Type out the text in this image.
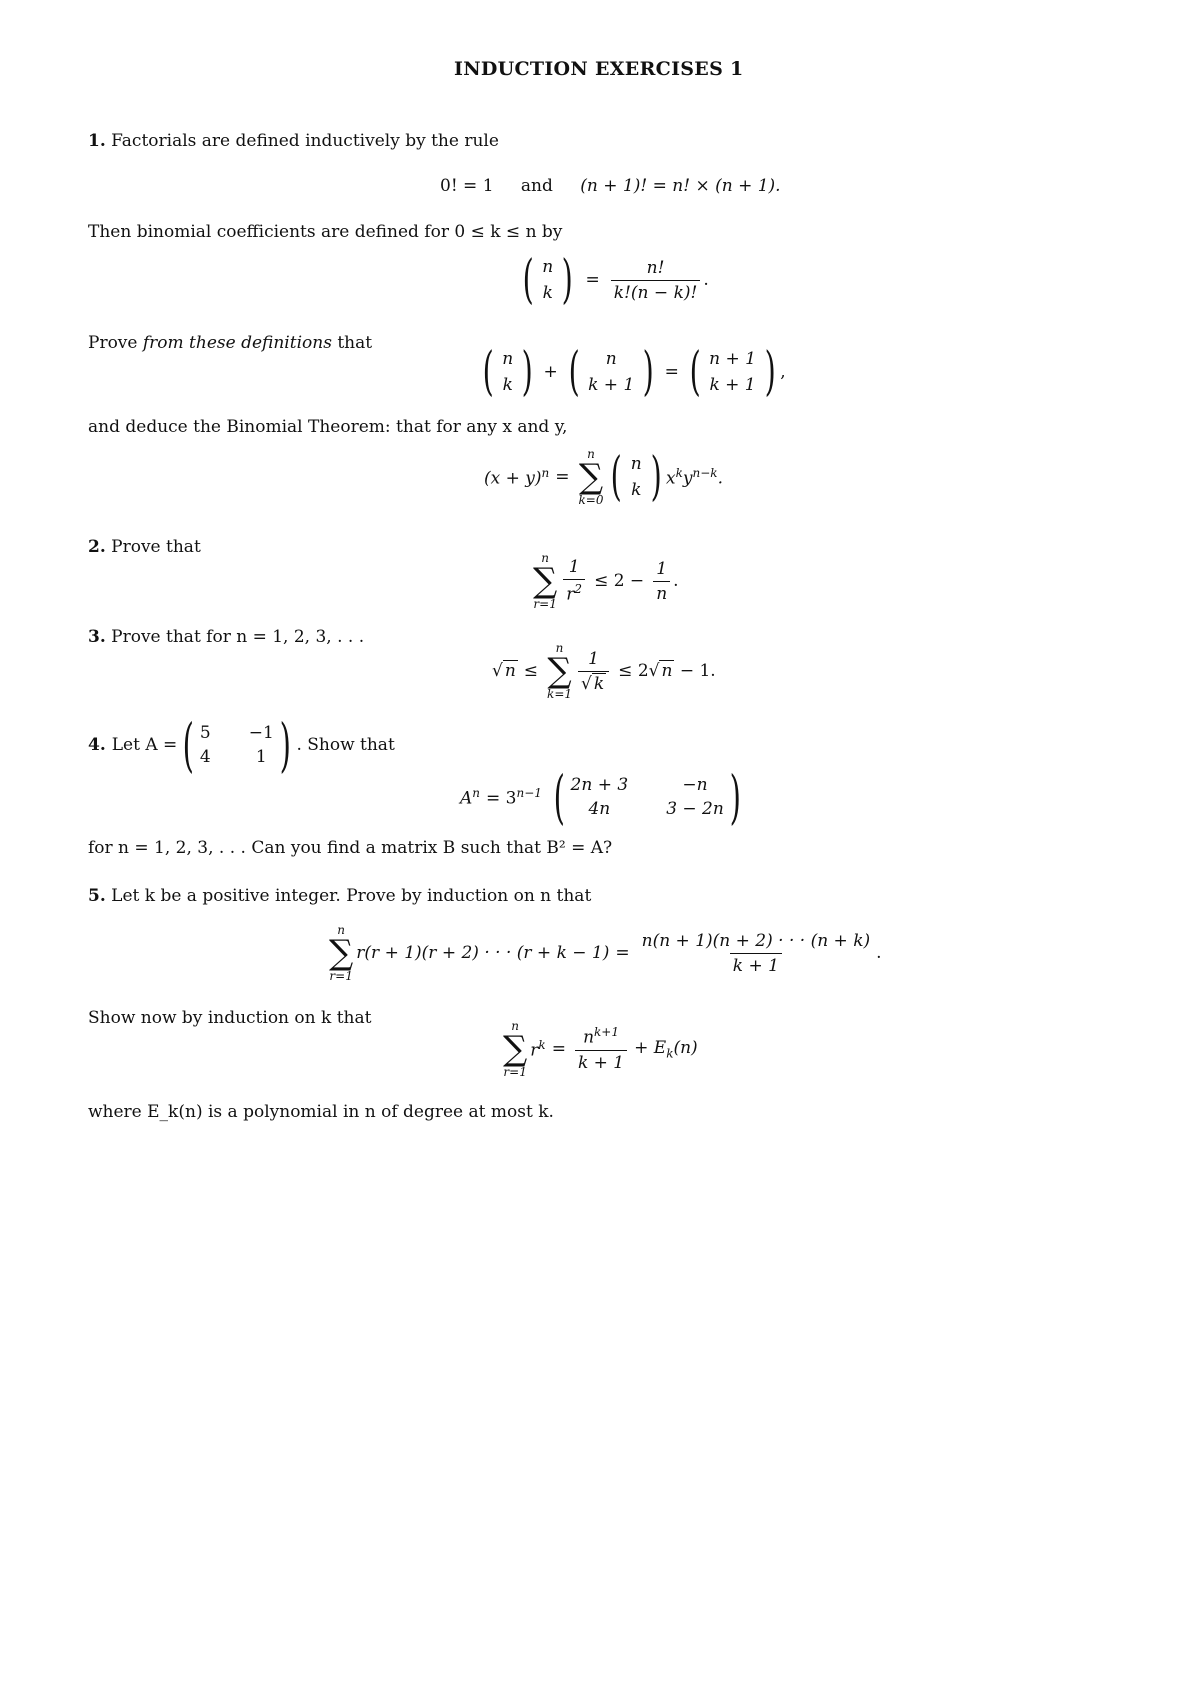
INDUCTION EXERCISES 1
1. Factorials are defined inductively by the rule
0! = 1 and (n + 1)! = n! × (n + 1).
Then binomial coefficients are defined for 0 ≤ k ≤ n by
( n
k ) = $\frac{n!}{k!(n - k)!}$ .
Prove from these definitions that ( n
k ) + ( n
k + 1 ) = ( n + 1
k + 1 ) ,
and deduce the Binomial Theorem: that for any x and y,
$(x + y)^n$ =
n
∑
k=0 ( n
k ) $x^ky^{n-k}$.
2. Prove that
n
∑
$r=1 \frac{1}{r^2} \le 2 - \frac{1}{n}$ .
3. Prove that for n = 1, 2, 3, . . .
√ n ≤
n
∑
k=1
$\frac{1}{√ k} \le 2√$ n − 1.
4. Let A = ( 5 −1
4	1 ) . Show that
$A^n = 3^{n-1}$ ( 2n + 3	−n
4n	3 − 2n )
for n = 1, 2, 3, . . . Can you find a matrix B such that B² = A?
5. Let k be a positive integer. Prove by induction on n that
n
∑
r=1
r(r + 1)(r + 2) · · · $(r + k - 1) = \frac{n(n + 1)(n + 2) \cdot \cdot \cdot (n + k)}{k + 1}$ .
Show now by induction on k that	n
∑
r=1
$r^k = \frac{n^{k+1}}{k + 1} + E_k(n)$
where E_k(n) is a polynomial in n of degree at most k.
